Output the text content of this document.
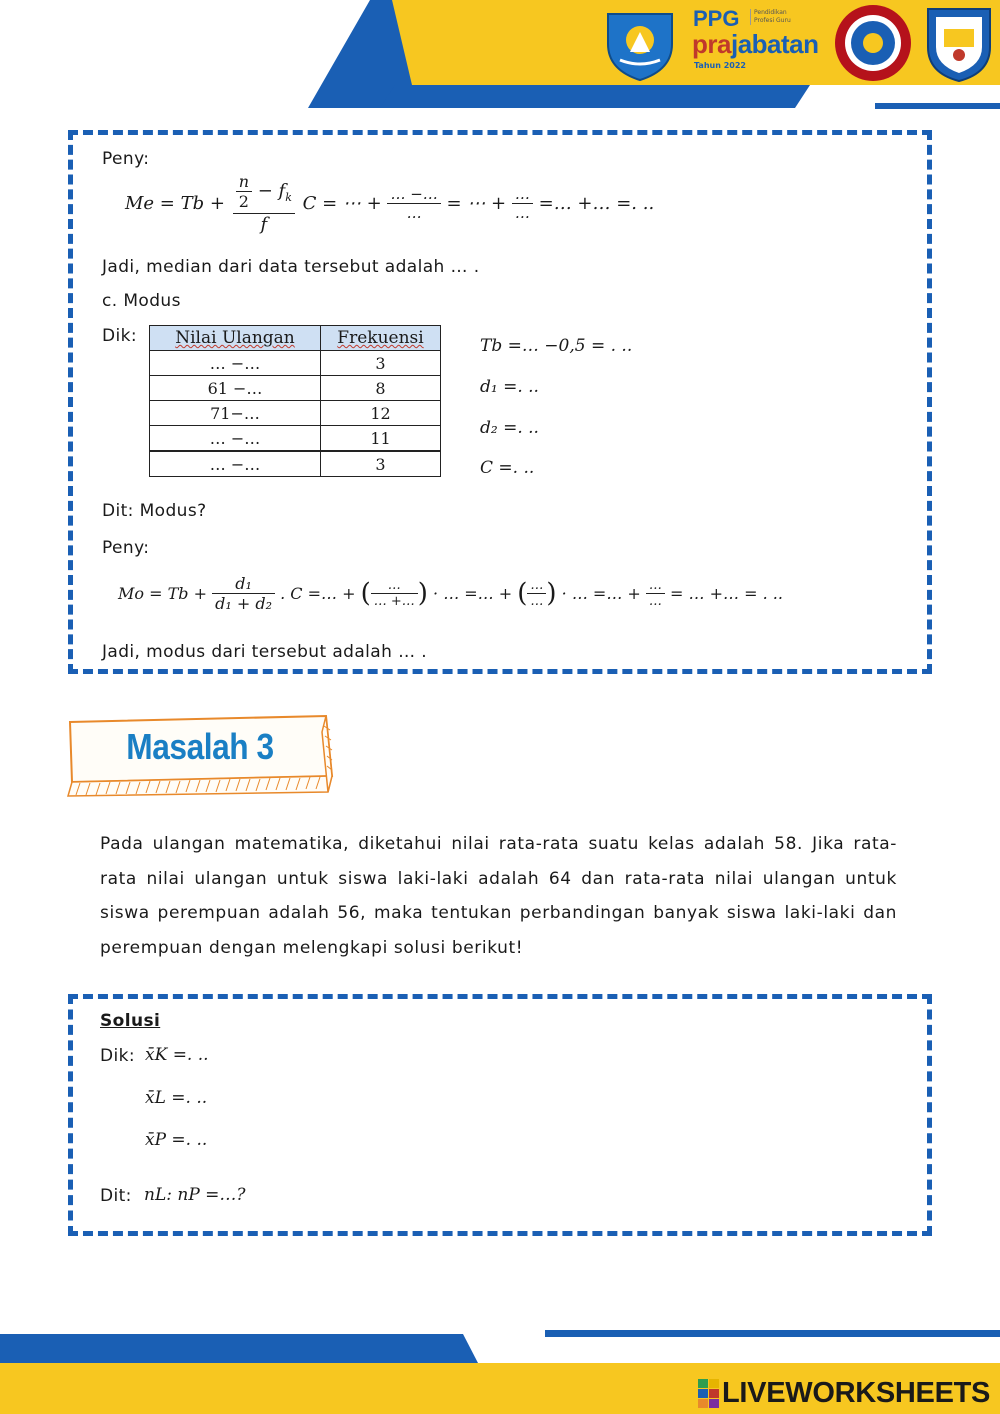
PPG	Pendidikan Profesi Guru
prajabatan
Tahun 2022
Peny:
$Me = Tb + \frac{\frac{n}{2} - f_k}{f}$ C = ⋯ + $\frac{\dots -\dots}{\dots}$ = ⋯ + $\frac{\dots}{\dots}$ =… +… =. ..
Jadi, median dari data tersebut adalah … .
c. Modus
Dik: Nilai Ulangan	Frekuensi
… −…	3
61 −…	8
71−…	12
… −…	11
… −…	3
Tb =… −0,5 = . ..
d₁ =. ..
d₂ =. ..
C =. ..
Dit: Modus?
Peny:
$Mo = Tb + \frac{\text{d₁}}{\text{d₁ + d₂}}$ . C =… + ( $\frac{\dots}{\dots +\dots}$ ) · … =… + ( $\frac{\dots}{\dots}$ ) · … =… + $\frac{\dots}{\dots}$ = … +… = . ..
Jadi, modus dari tersebut adalah … .
Masalah 3
Pada ulangan matematika, diketahui nilai rata-rata suatu kelas adalah 58. Jika rata-rata nilai ulangan untuk siswa laki-laki adalah 64 dan rata-rata nilai ulangan untuk siswa perempuan adalah 56, maka tentukan perbandingan banyak siswa laki-laki dan perempuan dengan melengkapi solusi berikut!
Solusi
Dik: x̄K =. ..
x̄L =. ..
x̄P =. ..
Dit: nL: nP =…?
LIVEWORKSHEETS
